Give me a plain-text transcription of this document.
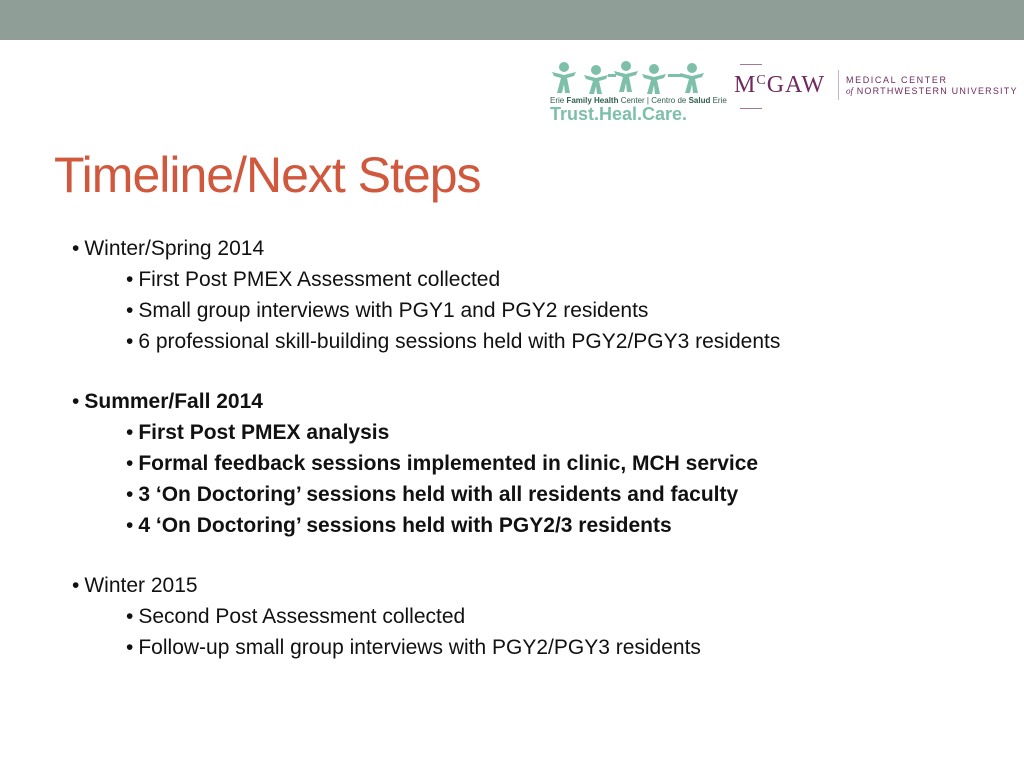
Erie Family Health Center | Centro de Salud Erie
Trust.Heal.Care.
$M^CGAW$ MEDICAL CENTER
of NORTHWESTERN UNIVERSITY
Timeline/Next Steps
• Winter/Spring 2014
• First Post PMEX Assessment collected
• Small group interviews with PGY1 and PGY2 residents
• 6 professional skill-building sessions held with PGY2/PGY3 residents
• Summer/Fall 2014
• First Post PMEX analysis
• Formal feedback sessions implemented in clinic, MCH service
• 3 ‘On Doctoring’ sessions held with all residents and faculty
• 4 ‘On Doctoring’ sessions held with PGY2/3 residents
• Winter 2015
• Second Post Assessment collected
• Follow-up small group interviews with PGY2/PGY3 residents
